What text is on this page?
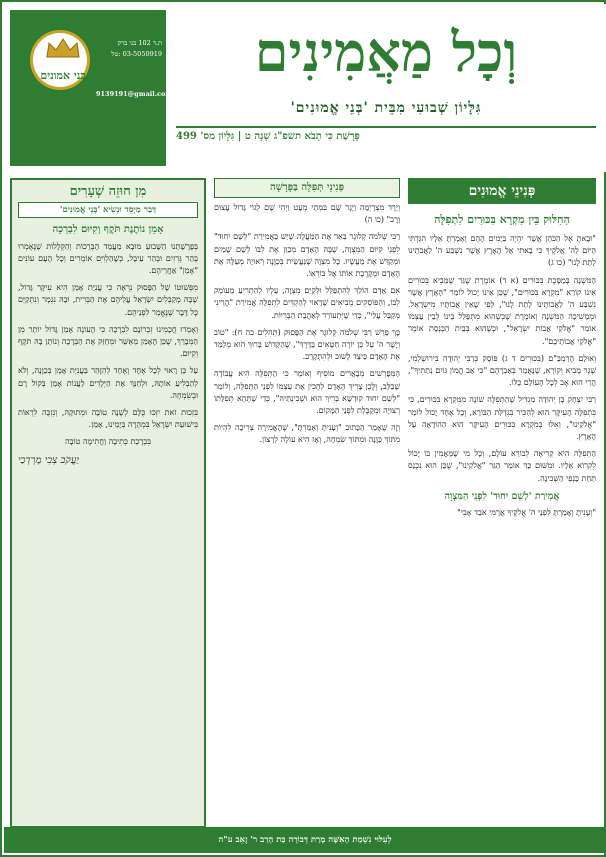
בני אמונים
ת.ד 102 בני ברק
03-5050919 :טל
9139191@gmail.com
וְכָל מַאֲמִינִים
גִּלָּיוֹן שְׁבוּעִי מִבֵּית 'בְּנֵי אֱמוּנִים'
פָּרָשַׁת כִּי תָבֹא תשפ"ג שָׁנָה ט | גִּלָּיוֹן מס' 499
פְּנִינֵי אֱמוּנִים
הַחִלּוּק בֵּין מִקְרָא בִּכּוּרִים לִתְפִלָּה

"וּבָאתָ אֶל הַכֹּהֵן אֲשֶׁר יִהְיֶה בַּיָּמִים הָהֵם וְאָמַרְתָּ אֵלָיו הִגַּדְתִּי הַיּוֹם לַה' אֱלֹקֶיךָ כִּי בָאתִי אֶל הָאָרֶץ אֲשֶׁר נִשְׁבַּע ה' לַאֲבֹתֵינוּ לָתֵת לָנוּ" (כו ג)

הַמִּשְׁנָה בְּמַסֶּכֶת בִּכּוּרִים (א ד) אוֹמֶרֶת שֶׁגֵּר שֶׁמֵּבִיא בִּכּוּרִים אֵינוֹ קוֹרֵא "מִקְרָא בִּכּוּרִים", שֶׁכֵּן אֵינוֹ יָכוֹל לוֹמַר "הָאָרֶץ אֲשֶׁר נִשְׁבַּע ה' לַאֲבוֹתֵינוּ לָתֵת לָנוּ", לְפִי שֶׁאֵין אֲבוֹתָיו מִיִּשְׂרָאֵל. וּמְמַשִׁיכָה הַמִּשְׁנָה וְאוֹמֶרֶת שֶׁכְּשֶׁהוּא מִתְפַּלֵּל בֵּינוֹ לְבֵין עַצְמוֹ אוֹמֵר "אֱלֹקֵי אֲבוֹת יִשְׂרָאֵל", וּכְשֶׁהוּא בְּבֵית הַכְּנֶסֶת אוֹמֵר "אֱלֹקֵי אֲבוֹתֵיכֶם".

וְאוּלָם הָרַמְבַּ"ם (בִּכּוּרִים ד ג) פּוֹסֵק כְּרַבִּי יְהוּדָה בִּירוּשַׁלְמִי, שֶׁגֵּר מֵבִיא וְקוֹרֵא, שֶׁנֶּאֱמַר בְּאַבְרָהָם "כִּי אַב הֲמוֹן גּוֹיִם נְתַתִּיךָ", הֲרֵי הוּא אָב לְכָל הָעוֹלָם כֻּלּוֹ.

רַבִּי יִצְחָק בֶּן יְהוּדָה מַגְדִּיל שֶׁהַתְּפִלָּה שׁוֹנָה מִמִּקְרָא בִּכּוּרִים, כִּי בִּתְפִלָּה הָעִיקָּר הוּא לְהַכִּיר בִּגְדֻלַּת הַבּוֹרֵא, וְכָל אֶחָד יָכוֹל לוֹמַר "אֱלֹקֵינוּ", וְאִלּוּ בְּמִקְרָא בִּכּוּרִים הָעִיקָּר הוּא הַהוֹדָאָה עַל הָאָרֶץ.

הַתְּפִלָּה הִיא קְרִיאָה לְבוֹרֵא עוֹלָם, וְכָל מִי שֶׁמַּאֲמִין בּוֹ יָכוֹל לִקְרוֹא אֵלָיו. וּמִשּׁוּם כָּךְ אוֹמֵר הַגֵּר "אֱלֹקֵינוּ", שֶׁכֵּן הוּא נִכְנַס תַּחַת כַּנְפֵי הַשְּׁכִינָה.

אֲמִירַת 'לְשֵׁם יִחוּד' לִפְנֵי הַמִּצְוָה

"וְעָנִיתָ וְאָמַרְתָּ לִפְנֵי ה' אֱלֹקֶיךָ אֲרַמִּי אֹבֵד אָבִי"

פְּנִינֵי תְּפִלָּה בַּפָּרָשָׁה

וְיֵרֶד מִצְרַיְמָה וַיָּגָר שָׁם בִּמְתֵי מְעָט וַיְהִי שָׁם לְגוֹי גָּדוֹל עָצוּם וָרָב" (כו ה)

רַבִּי שְׁלֹמֹה קְלוּגֶר בֵּאֵר אֶת הַמַּעֲלָה שֶׁיֵּשׁ בַּאֲמִירַת "לְשֵׁם יִחוּד" לִפְנֵי קִיּוּם הַמִּצְוָה, שֶׁבָּהּ הָאָדָם מְכַוֵּן אֶת לִבּוֹ לְשֵׁם שָׁמַיִם וּמְקַדֵּשׁ אֶת מַעֲשָׂיו. כָּל מִצְוָה שֶׁנַּעֲשֵׂית בְּכַוָּנָה רְאוּיָה מְעַלָּה אֶת הָאָדָם וּמְקָרֶבֶת אוֹתוֹ אֶל בּוֹרְאוֹ.

אִם אָדָם הוֹלֵךְ לְהִתְפַּלֵּל וּלְקַיֵּם מִצְוָה, עָלָיו לְהַתְרִיעַ מֵעוֹמֶק לִבּוֹ, וְהַפּוֹסְקִים מְבִיאִים שֶׁרָאוּי לְהַקְדִּים לִתְפִלָּה אֲמִירַת "הֲרֵינִי מְקַבֵּל עָלַי", כְּדֵי שֶׁיִּתְעוֹרֵר לְאַהֲבַת הַבְּרִיּוֹת.

כָּךְ פֵּרֵשׁ רַבִּי שְׁלֹמֹה קְלוּגֶר אֶת הַפָּסוּק (תְּהִלִּים כה ח): "טוֹב וְיָשָׁר ה' עַל כֵּן יוֹרֶה חַטָּאִים בַּדָּרֶךְ", שֶׁהַקָּדוֹשׁ בָּרוּךְ הוּא מְלַמֵּד אֶת הָאָדָם כֵּיצַד לָשׁוּב וּלְהִתְקָרֵב.

הַמְּפָרְשִׁים מְבָאֲרִים מוֹסִיף וְאוֹמֵר כִּי הַתְּפִלָּה הִיא עֲבוֹדָה שֶׁבַּלֵּב, וְלָכֵן צָרִיךְ הָאָדָם לְהָכִין אֶת עַצְמוֹ לִפְנֵי הַתְּפִלָּה, וְלוֹמַר "לְשֵׁם יִחוּד קוּדְשָׁא בְּרִיךְ הוּא וּשְׁכִינְתֵּיהּ", כְּדֵי שֶׁתְּהֵא תְּפִלָּתוֹ רְצוּיָה וּמְקֻבֶּלֶת לִפְנֵי הַמָּקוֹם.

וְזֶה שֶׁאָמַר הַכָּתוּב "וְעָנִיתָ וְאָמַרְתָּ", שֶׁהָאֲמִירָה צְרִיכָה לִהְיוֹת מִתּוֹךְ כַּוָּנָה וּמִתּוֹךְ שִׂמְחָה, וְאָז הִיא עוֹלָה לְרָצוֹן.

מִן חוּזֵה שְׁעָרִים
דְּבַר מַיְסֵד וּנְשִׂיא 'בְּנֵי אֱמוּנִים'
אָמֵן נוֹתֶנֶת תֹּקֶף וְקִיּוּם לִבְרָכָה

בְּפָרָשָׁתֵנוּ הַשָּׁבוּעַ מוּבָא מַעֲמַד הַבְּרָכוֹת וְהַקְּלָלוֹת שֶׁנֶּאֶמְרוּ בְּהַר גְּרִזִים וּבְהַר עֵיבָל, כְּשֶׁהַלְוִיִּם אוֹמְרִים וְכָל הָעָם עוֹנִים "אָמֵן" אַחֲרֵיהֶם.

מִפְּשׁוּטוֹ שֶׁל הַפָּסוּק נִרְאֶה כִּי עֲנִיַּת אָמֵן הִיא עִיקָּר גָּדוֹל, שֶׁבָּהּ מְקַבְּלִים יִשְׂרָאֵל עֲלֵיהֶם אֶת הַבְּרִית, וּבָהּ נִגְמָר וְנִתְקַיֵּם כָּל דָּבָר שֶׁנֶּאֱמַר לִפְנֵיהֶם.

וְאָמְרוּ חֲכָמִינוּ זִכְרוֹנָם לִבְרָכָה כִּי הָעוֹנֶה אָמֵן גָּדוֹל יוֹתֵר מִן הַמְּבָרֵךְ, שֶׁכֵּן הָאָמֵן מְאַשֵּׁר וּמְחַזֵּק אֶת הַבְּרָכָה וְנוֹתֵן בָּהּ תֹּקֶף וְקִיּוּם.

עַל כֵּן רָאוּי לְכָל אֶחָד וְאֶחָד לְהִזָּהֵר בַּעֲנִיַּת אָמֵן בְּכַוָּנָה, וְלֹא לְהַבְלִיעַ אוֹתָהּ, וּלְחַנֵּךְ אֶת הַיְּלָדִים לַעֲנוֹת אָמֵן בְּקוֹל רָם וּבְשִׂמְחָה.

בִּזְכוּת זֹאת יִזְכּוּ כֻּלָּם לְשָׁנָה טוֹבָה וּמְתוּקָה, וְנִזְכֶּה לִרְאוֹת בִּישׁוּעַת יִשְׂרָאֵל בִּמְהֵרָה בְּיָמֵינוּ, אָמֵן.

בִּבְרָכַת כְּתִיבָה וַחֲתִימָה טוֹבָה

יַעֲקֹב צְבִי מָרְדְכַי
לְעִלּוּי נִשְׁמַת הָאִשָּׁה מָרַת דְּבוֹרָה בַּת הָרַב ר' זֶאֵב ע"ה
